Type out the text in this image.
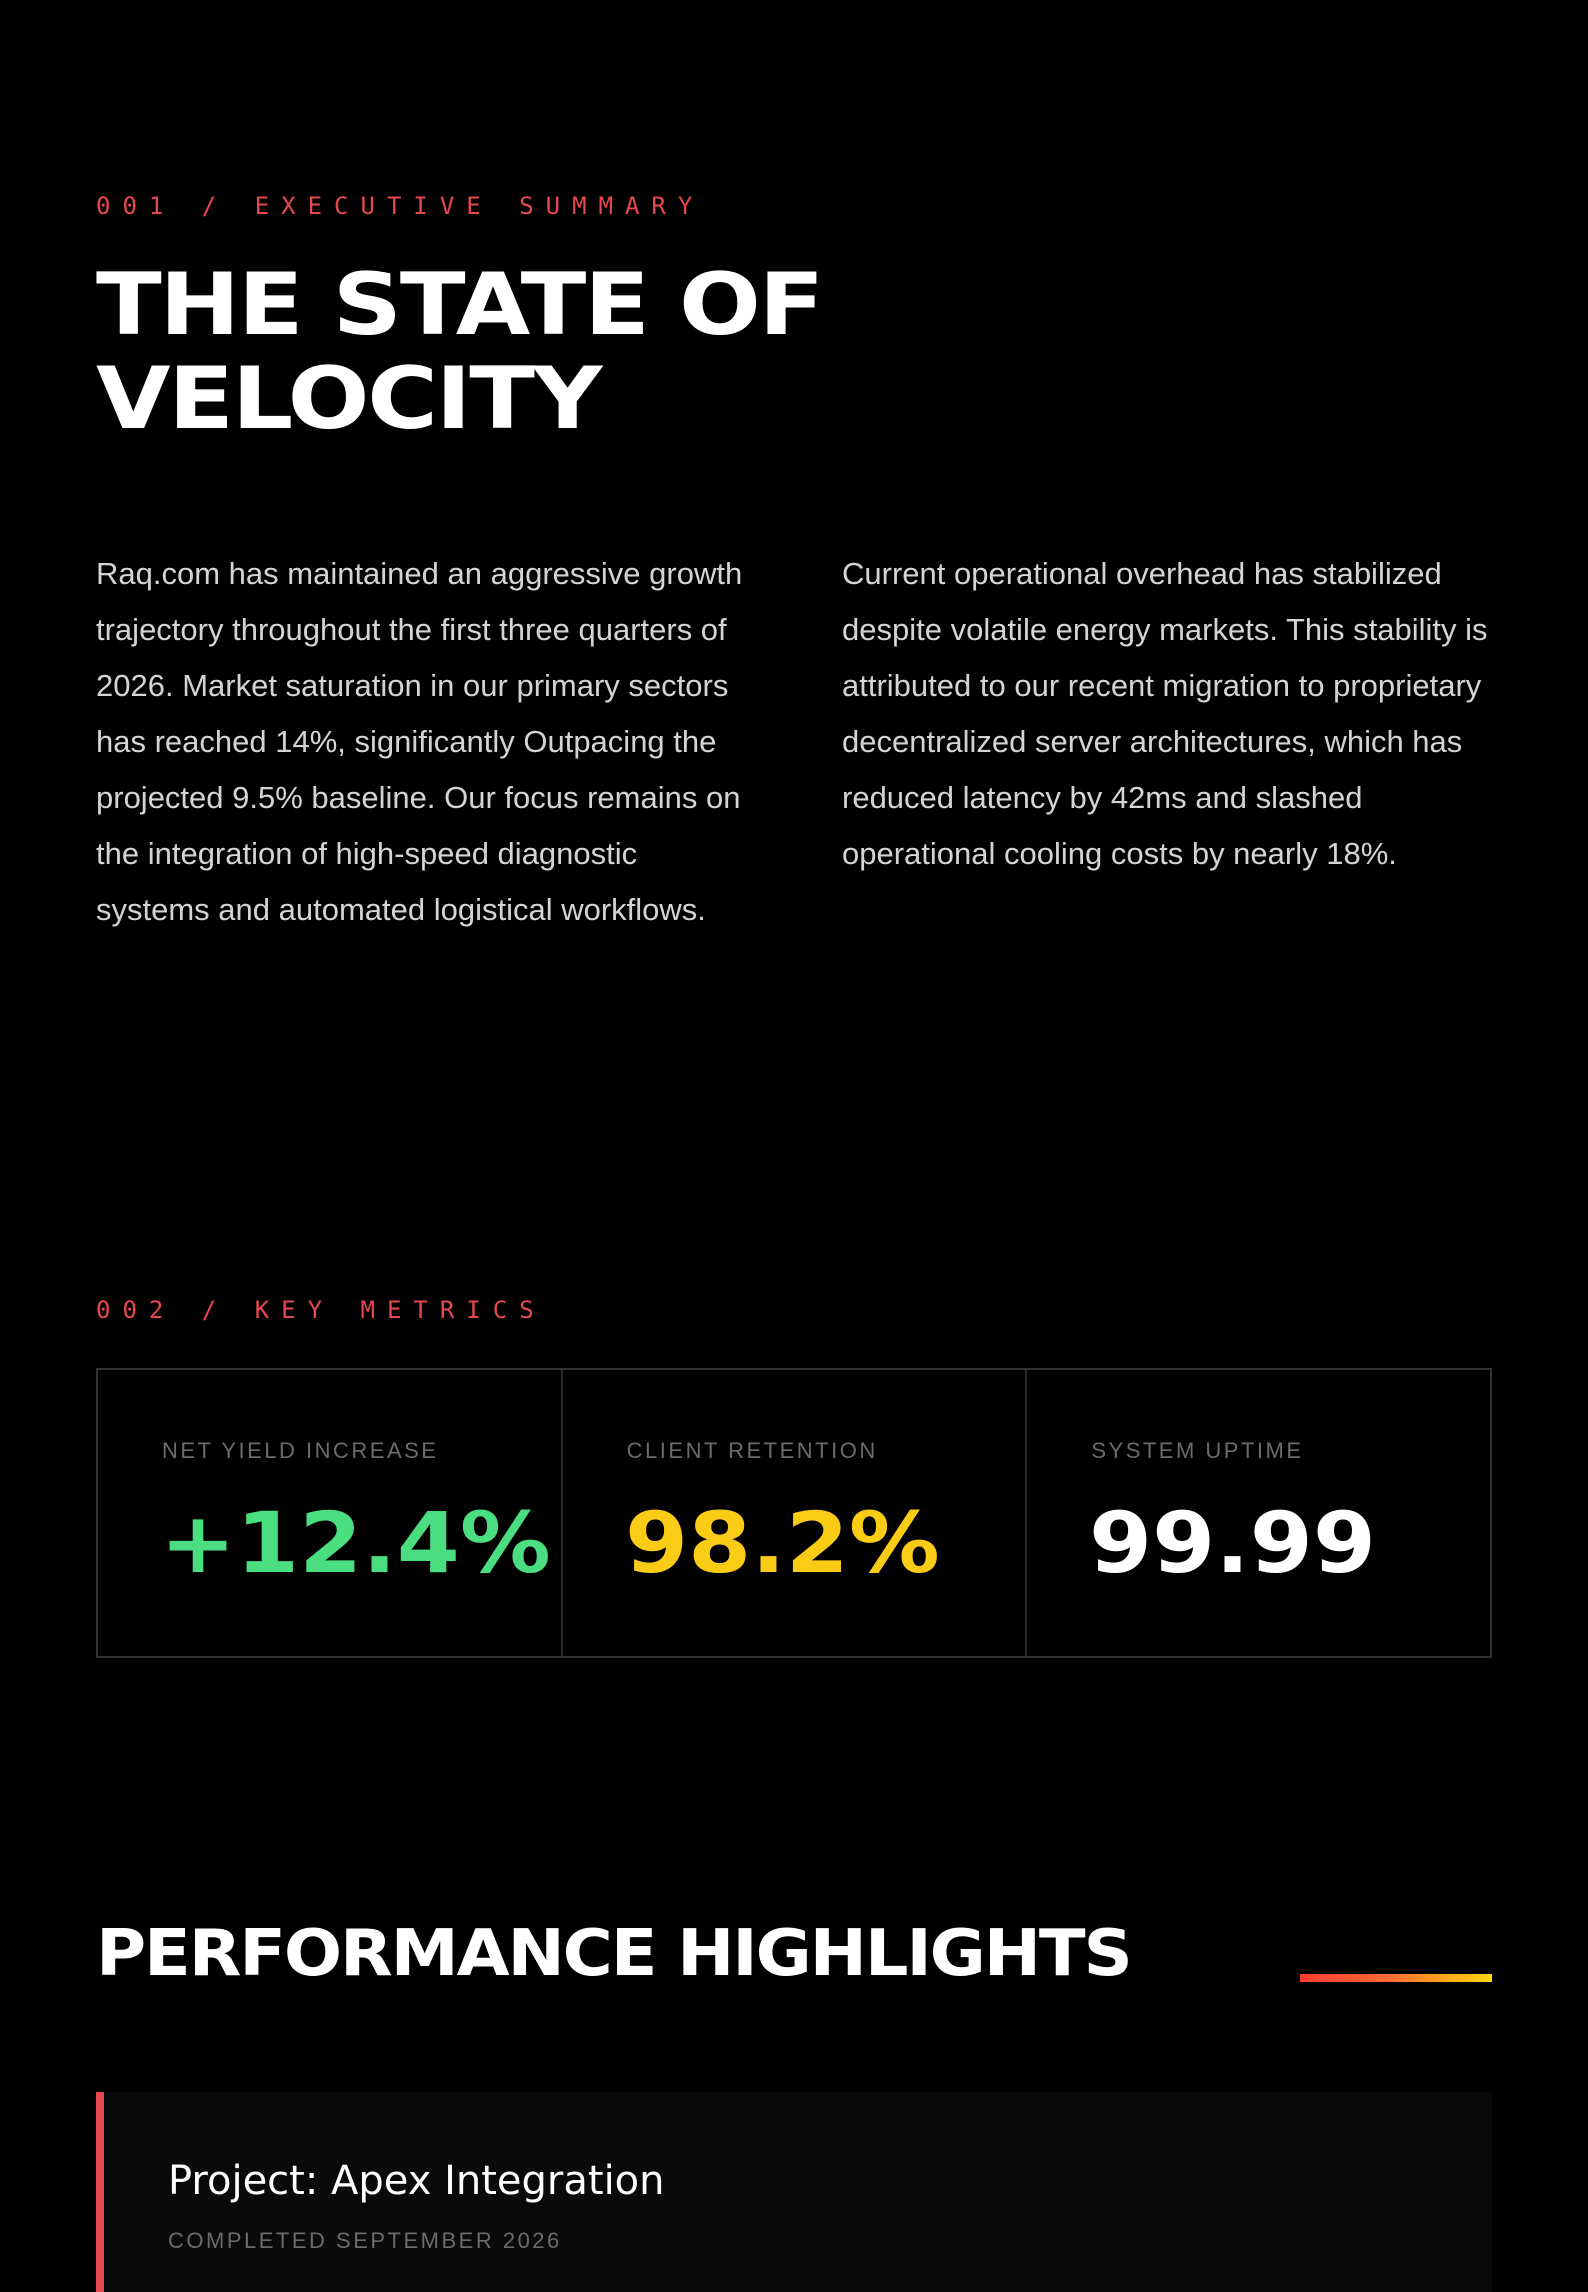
001 / EXECUTIVE SUMMARY
THE STATE OF
VELOCITY

Raq.com has maintained an aggressive growth trajectory throughout the first three quarters of 2026. Market saturation in our primary sectors has reached 14%, significantly Outpacing the projected 9.5% baseline. Our focus remains on the integration of high-speed diagnostic systems and automated logistical workflows.

Current operational overhead has stabilized despite volatile energy markets. This stability is attributed to our recent migration to proprietary decentralized server architectures, which has reduced latency by 42ms and slashed operational cooling costs by nearly 18%.

002 / KEY METRICS
NET YIELD INCREASE
+12.4%
CLIENT RETENTION
98.2%
SYSTEM UPTIME
99.99
PERFORMANCE HIGHLIGHTS
Project: Apex Integration
COMPLETED SEPTEMBER 2026
